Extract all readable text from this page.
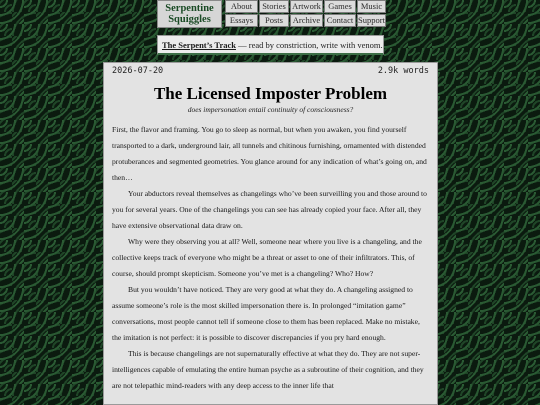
Serpentine
Squiggles
About	Stories Artwork Games	Music
Essays	Posts	Archive Contact Support
The Serpent’s Track — read by constriction, write with venom.
2026-07-20	2.9k words
The Licensed Imposter Problem
does impersonation entail continuity of consciousness?

First, the flavor and framing. You go to sleep as normal, but when you awaken, you find yourself transported to a dark, underground lair, all tunnels and chitinous furnishing, ornamented with distended protuberances and segmented geometries. You glance around for any indication of what’s going on, and then…

Your abductors reveal themselves as changelings who’ve been surveilling you and those around to you for several years. One of the changelings you can see has already copied your face. After all, they have extensive observational data draw on.

Why were they observing you at all? Well, someone near where you live is a changeling, and the collective keeps track of everyone who might be a threat or asset to one of their infiltrators. This, of course, should prompt skepticism. Someone you’ve met is a changeling? Who? How?

But you wouldn’t have noticed. They are very good at what they do. A changeling assigned to assume someone’s role is the most skilled impersonation there is. In prolonged “imitation game” conversations, most people cannot tell if someone close to them has been replaced. Make no mistake, the imitation is not perfect: it is possible to discover discrepancies if you pry hard enough.

This is because changelings are not supernaturally effective at what they do. They are not super-intelligences capable of emulating the entire human psyche as a subroutine of their cognition, and they are not telepathic mind-readers with any deep access to the inner life that
